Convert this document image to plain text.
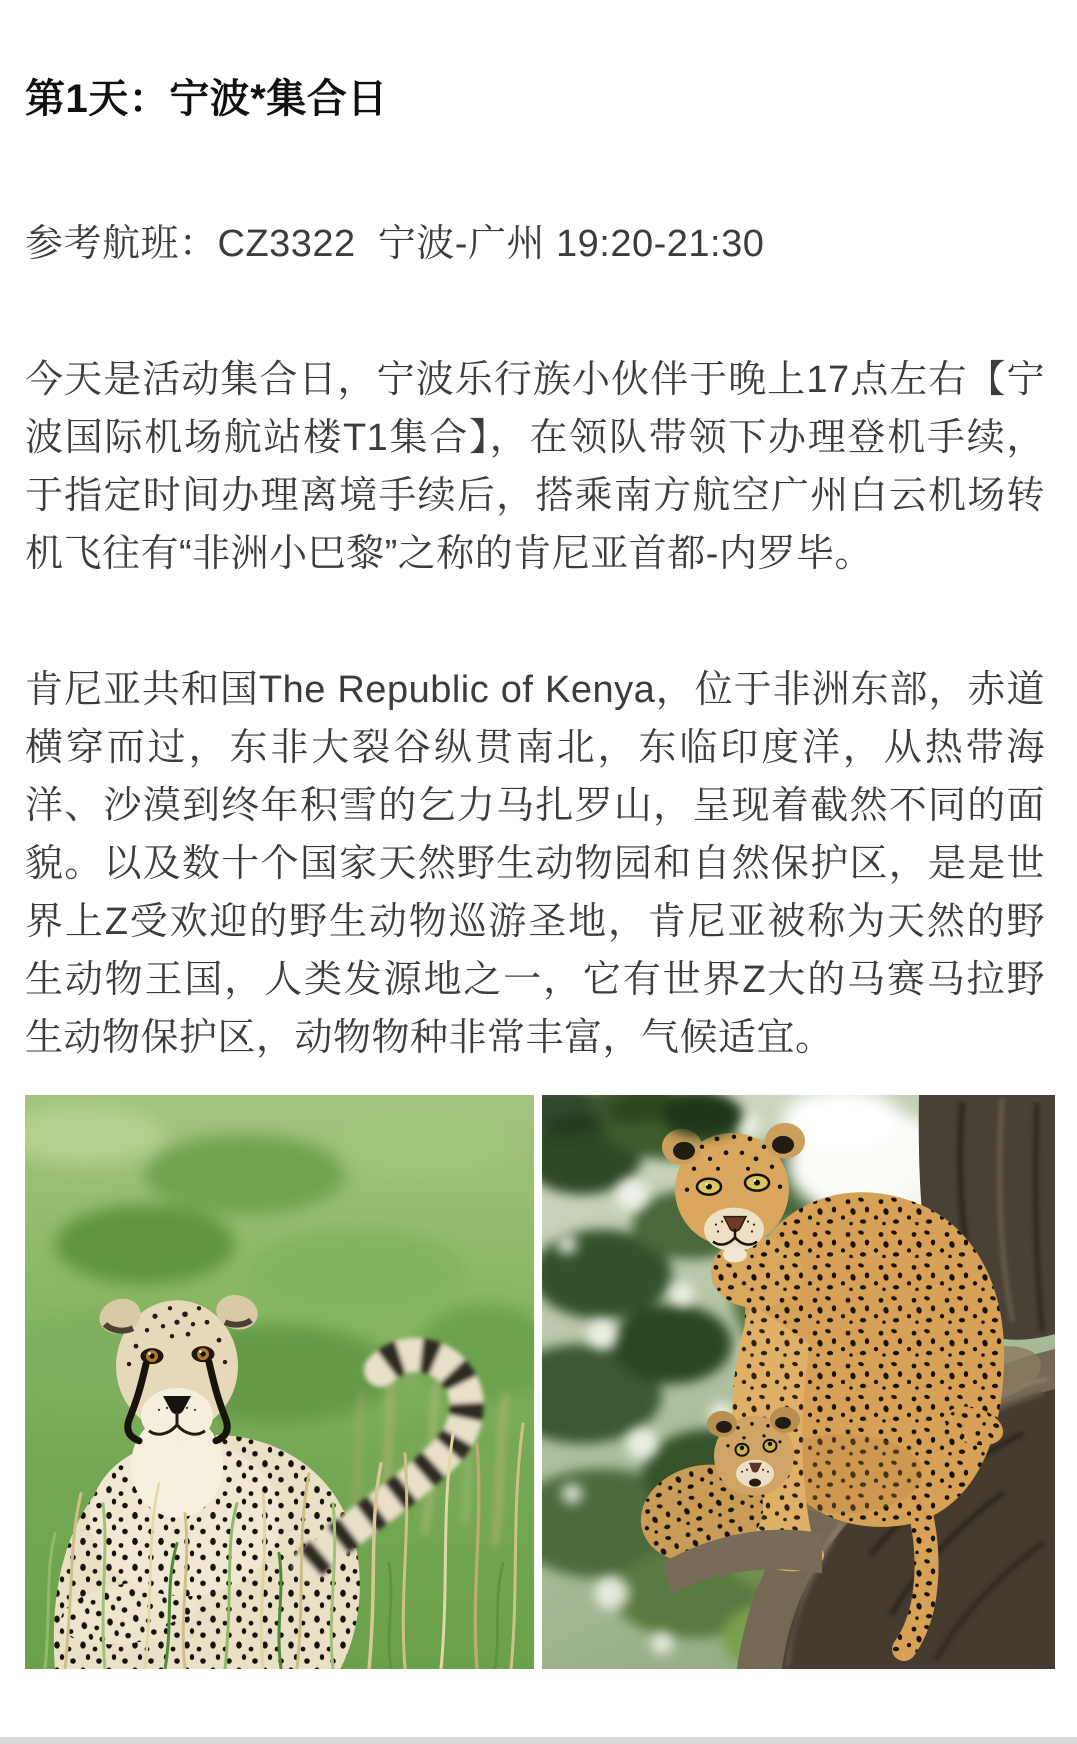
第1天：宁波*集合日
参考航班：CZ3322  宁波-广州 19:20-21:30
今天是活动集合日，宁波乐行族小伙伴于晚上17点左右【宁波国际机场航站楼T1集合】，在领队带领下办理登机手续，于指定时间办理离境手续后，搭乘南方航空广州白云机场转机飞往有“非洲小巴黎”之称的肯尼亚首都-内罗毕。
肯尼亚共和国The Republic of Kenya，位于非洲东部，赤道横穿而过，东非大裂谷纵贯南北，东临印度洋，从热带海洋、沙漠到终年积雪的乞力马扎罗山，呈现着截然不同的面貌。以及数十个国家天然野生动物园和自然保护区，是是世界上Z受欢迎的野生动物巡游圣地，肯尼亚被称为天然的野生动物王国，人类发源地之一，它有世界Z大的马赛马拉野生动物保护区，动物物种非常丰富，气候适宜。
